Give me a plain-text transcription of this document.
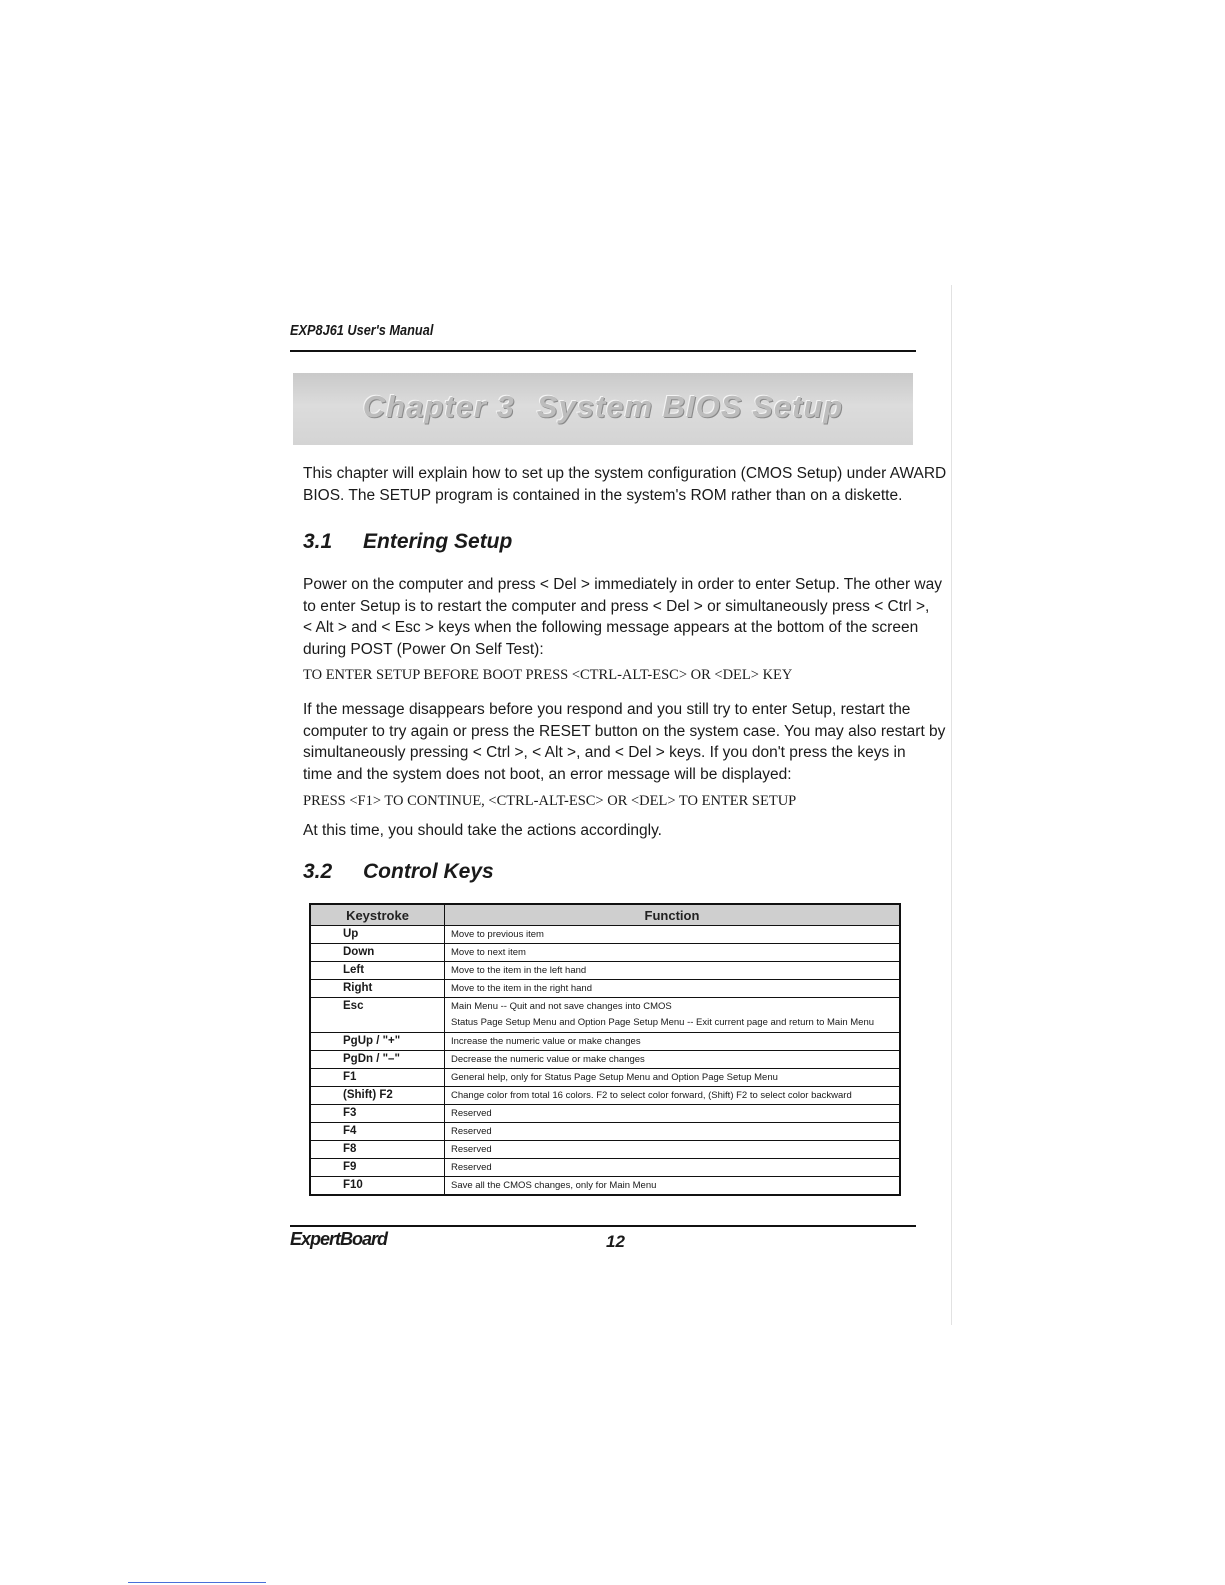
EXP8J61 User's Manual
Chapter 3 System BIOS Setup
This chapter will explain how to set up the system configuration (CMOS Setup) under AWARD
BIOS. The SETUP program is contained in the system's ROM rather than on a diskette.
3.1 Entering Setup
Power on the computer and press < Del > immediately in order to enter Setup. The other way
to enter Setup is to restart the computer and press < Del > or simultaneously press < Ctrl >,
< Alt > and < Esc > keys when the following message appears at the bottom of the screen
during POST (Power On Self Test):
TO ENTER SETUP BEFORE BOOT PRESS <CTRL-ALT-ESC> OR <DEL> KEY
If the message disappears before you respond and you still try to enter Setup, restart the
computer to try again or press the RESET button on the system case. You may also restart by
simultaneously pressing < Ctrl >, < Alt >, and < Del > keys. If you don't press the keys in
time and the system does not boot, an error message will be displayed:
PRESS <F1> TO CONTINUE, <CTRL-ALT-ESC> OR <DEL> TO ENTER SETUP
At this time, you should take the actions accordingly.
3.2 Control Keys
Keystroke	Function
Up	Move to previous item
Down	Move to next item
Left	Move to the item in the left hand
Right	Move to the item in the right hand
Esc	Main Menu -- Quit and not save changes into CMOS
Status Page Setup Menu and Option Page Setup Menu -- Exit current page and return to Main Menu

PgUp / "+"	Increase the numeric value or make changes
PgDn / "–"	Decrease the numeric value or make changes
F1	General help, only for Status Page Setup Menu and Option Page Setup Menu
(Shift) F2	Change color from total 16 colors. F2 to select color forward, (Shift) F2 to select color backward
F3	Reserved
F4	Reserved
F8	Reserved
F9	Reserved
F10	Save all the CMOS changes, only for Main Menu
ExpertBoard	12
